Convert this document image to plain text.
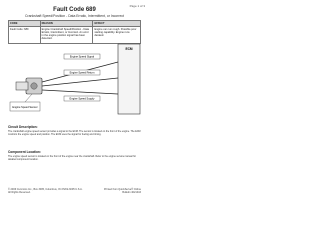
Page 1 of 3
Fault Code 689
Crankshaft Speed/Position - Data Erratic, Intermittent, or Incorrect
CODE	REASON	EFFECT
Fault Code: 689	Engine Crankshaft Speed/Position - Data Erratic, Intermittent, or Incorrect. An error in the engine position signal has been detected.	Engine can run rough. Possible poor starting capability. Engine runs derated.
ECM
Engine Speed Signal
Engine Speed Return
Engine Speed Supply
Engine Speed Sensor
Circuit Description:
The crankshaft engine speed sensor provides a signal to the ECM. The sensor is located on the front of the engine. The ECM monitors the engine speed and position. The ECM uses the signal for fueling and timing.
Component Location:
The engine speed sensor is located on the front of the engine near the crankshaft. Refer to the engine service manual for detailed component location.
© 2006 Cummins Inc., Box 3005, Columbus, IN 47202-3005 U.S.A.
All Rights Reserved.
Printed from QuickServe® Online
Bulletin 4021416
